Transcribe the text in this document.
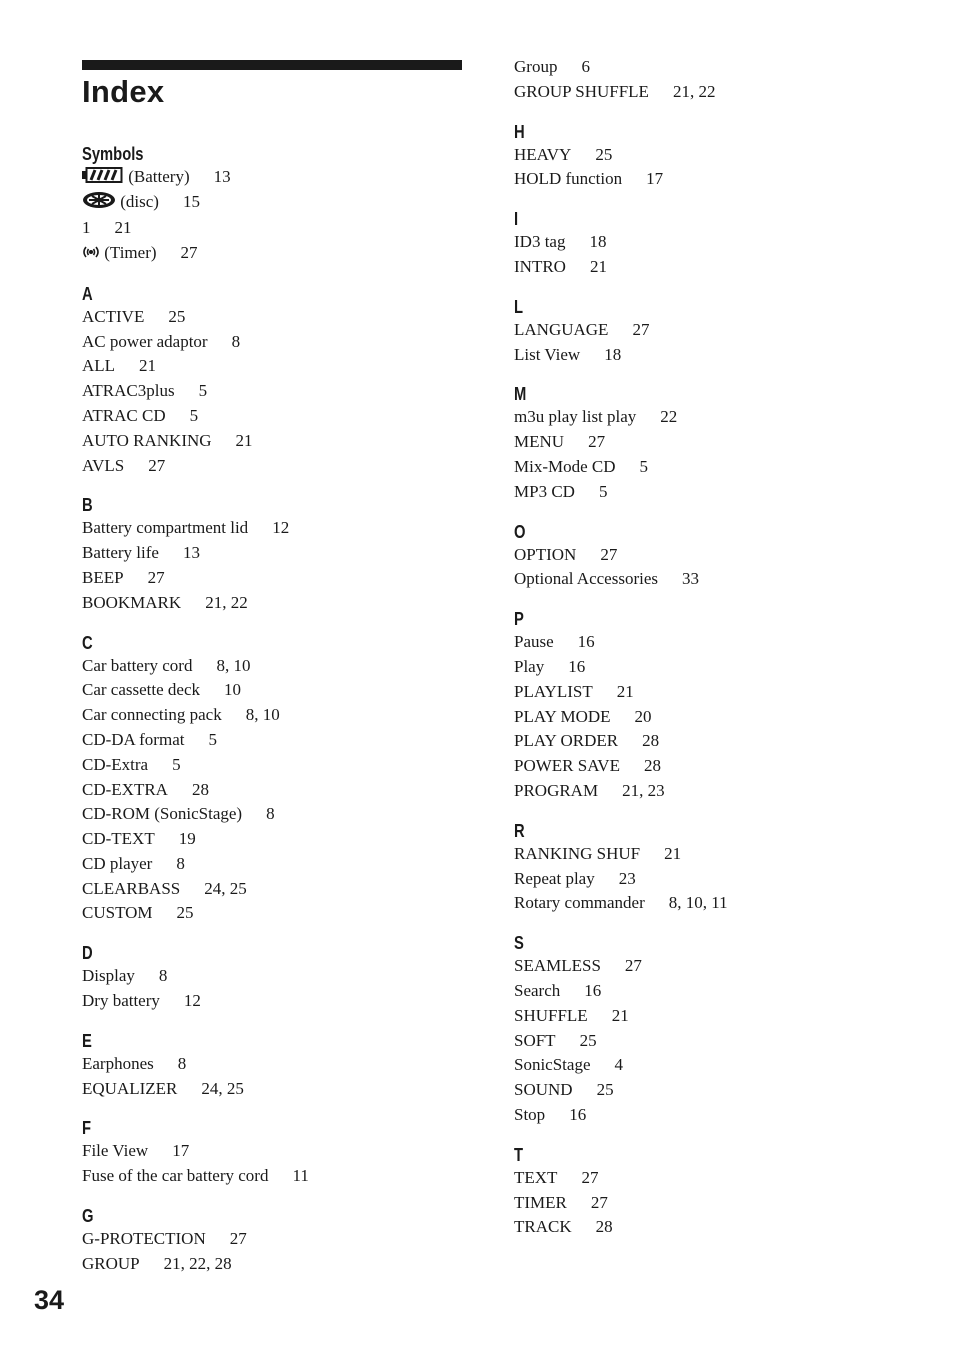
Index
Symbols
(Battery) 13
(disc) 15
1 21
(Timer) 27
A
ACTIVE 25
AC power adaptor 8
ALL 21
ATRAC3plus 5
ATRAC CD 5
AUTO RANKING 21
AVLS 27
B
Battery compartment lid 12
Battery life 13
BEEP 27
BOOKMARK 21, 22
C
Car battery cord 8, 10
Car cassette deck 10
Car connecting pack 8, 10
CD-DA format 5
CD-Extra 5
CD-EXTRA 28
CD-ROM (SonicStage) 8
CD-TEXT 19
CD player 8
CLEARBASS 24, 25
CUSTOM 25
D
Display 8
Dry battery 12
E
Earphones 8
EQUALIZER 24, 25
F
File View 17
Fuse of the car battery cord 11
G
G-PROTECTION 27
GROUP 21, 22, 28
Group 6
GROUP SHUFFLE 21, 22
H
HEAVY 25
HOLD function 17
I
ID3 tag 18
INTRO 21
L
LANGUAGE 27
List View 18
M
m3u play list play 22
MENU 27
Mix-Mode CD 5
MP3 CD 5
O
OPTION 27
Optional Accessories 33
P
Pause 16
Play 16
PLAYLIST 21
PLAY MODE 20
PLAY ORDER 28
POWER SAVE 28
PROGRAM 21, 23
R
RANKING SHUF 21
Repeat play 23
Rotary commander 8, 10, 11
S
SEAMLESS 27
Search 16
SHUFFLE 21
SOFT 25
SonicStage 4
SOUND 25
Stop 16
T
TEXT 27
TIMER 27
TRACK 28
34
